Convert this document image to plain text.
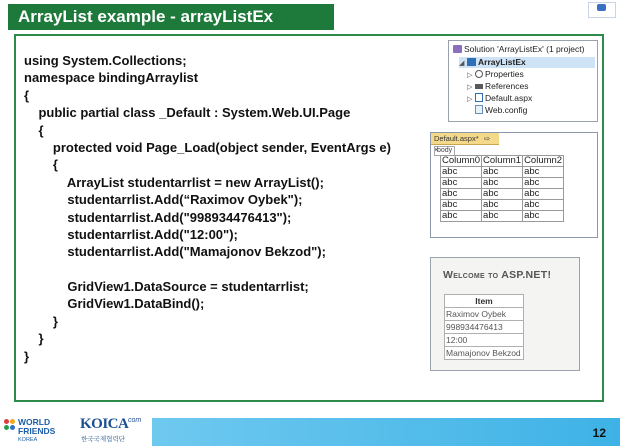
ArrayList example - arrayListEx
using System.Collections;
namespace bindingArraylist
{
public partial class _Default : System.Web.UI.Page
{
protected void Page_Load(object sender, EventArgs e)
{
ArrayList studentarrlist = new ArrayList();
studentarrlist.Add(“Raximov Oybek");
studentarrlist.Add("998934476413");
studentarrlist.Add("12:00");
studentarrlist.Add("Mamajonov Bekzod");
GridView1.DataSource = studentarrlist;
GridView1.DataBind();
}
}
}
Solution 'ArrayListEx' (1 project)
◢ ArrayListEx
▷ Properties
▷ References
▷ Default.aspx
Web.config
Default.aspx* ⇨ ×
body
Column0	Column1	Column2
abc	abc	abc
abc	abc	abc
abc	abc	abc
abc	abc	abc
abc	abc	abc
Welcome to ASP.NET!
Item
Raximov Oybek
998934476413
12:00
Mamajonov Bekzod
12
WORLD
FRIENDS
KOREA
KOICA com
한국국제협력단
